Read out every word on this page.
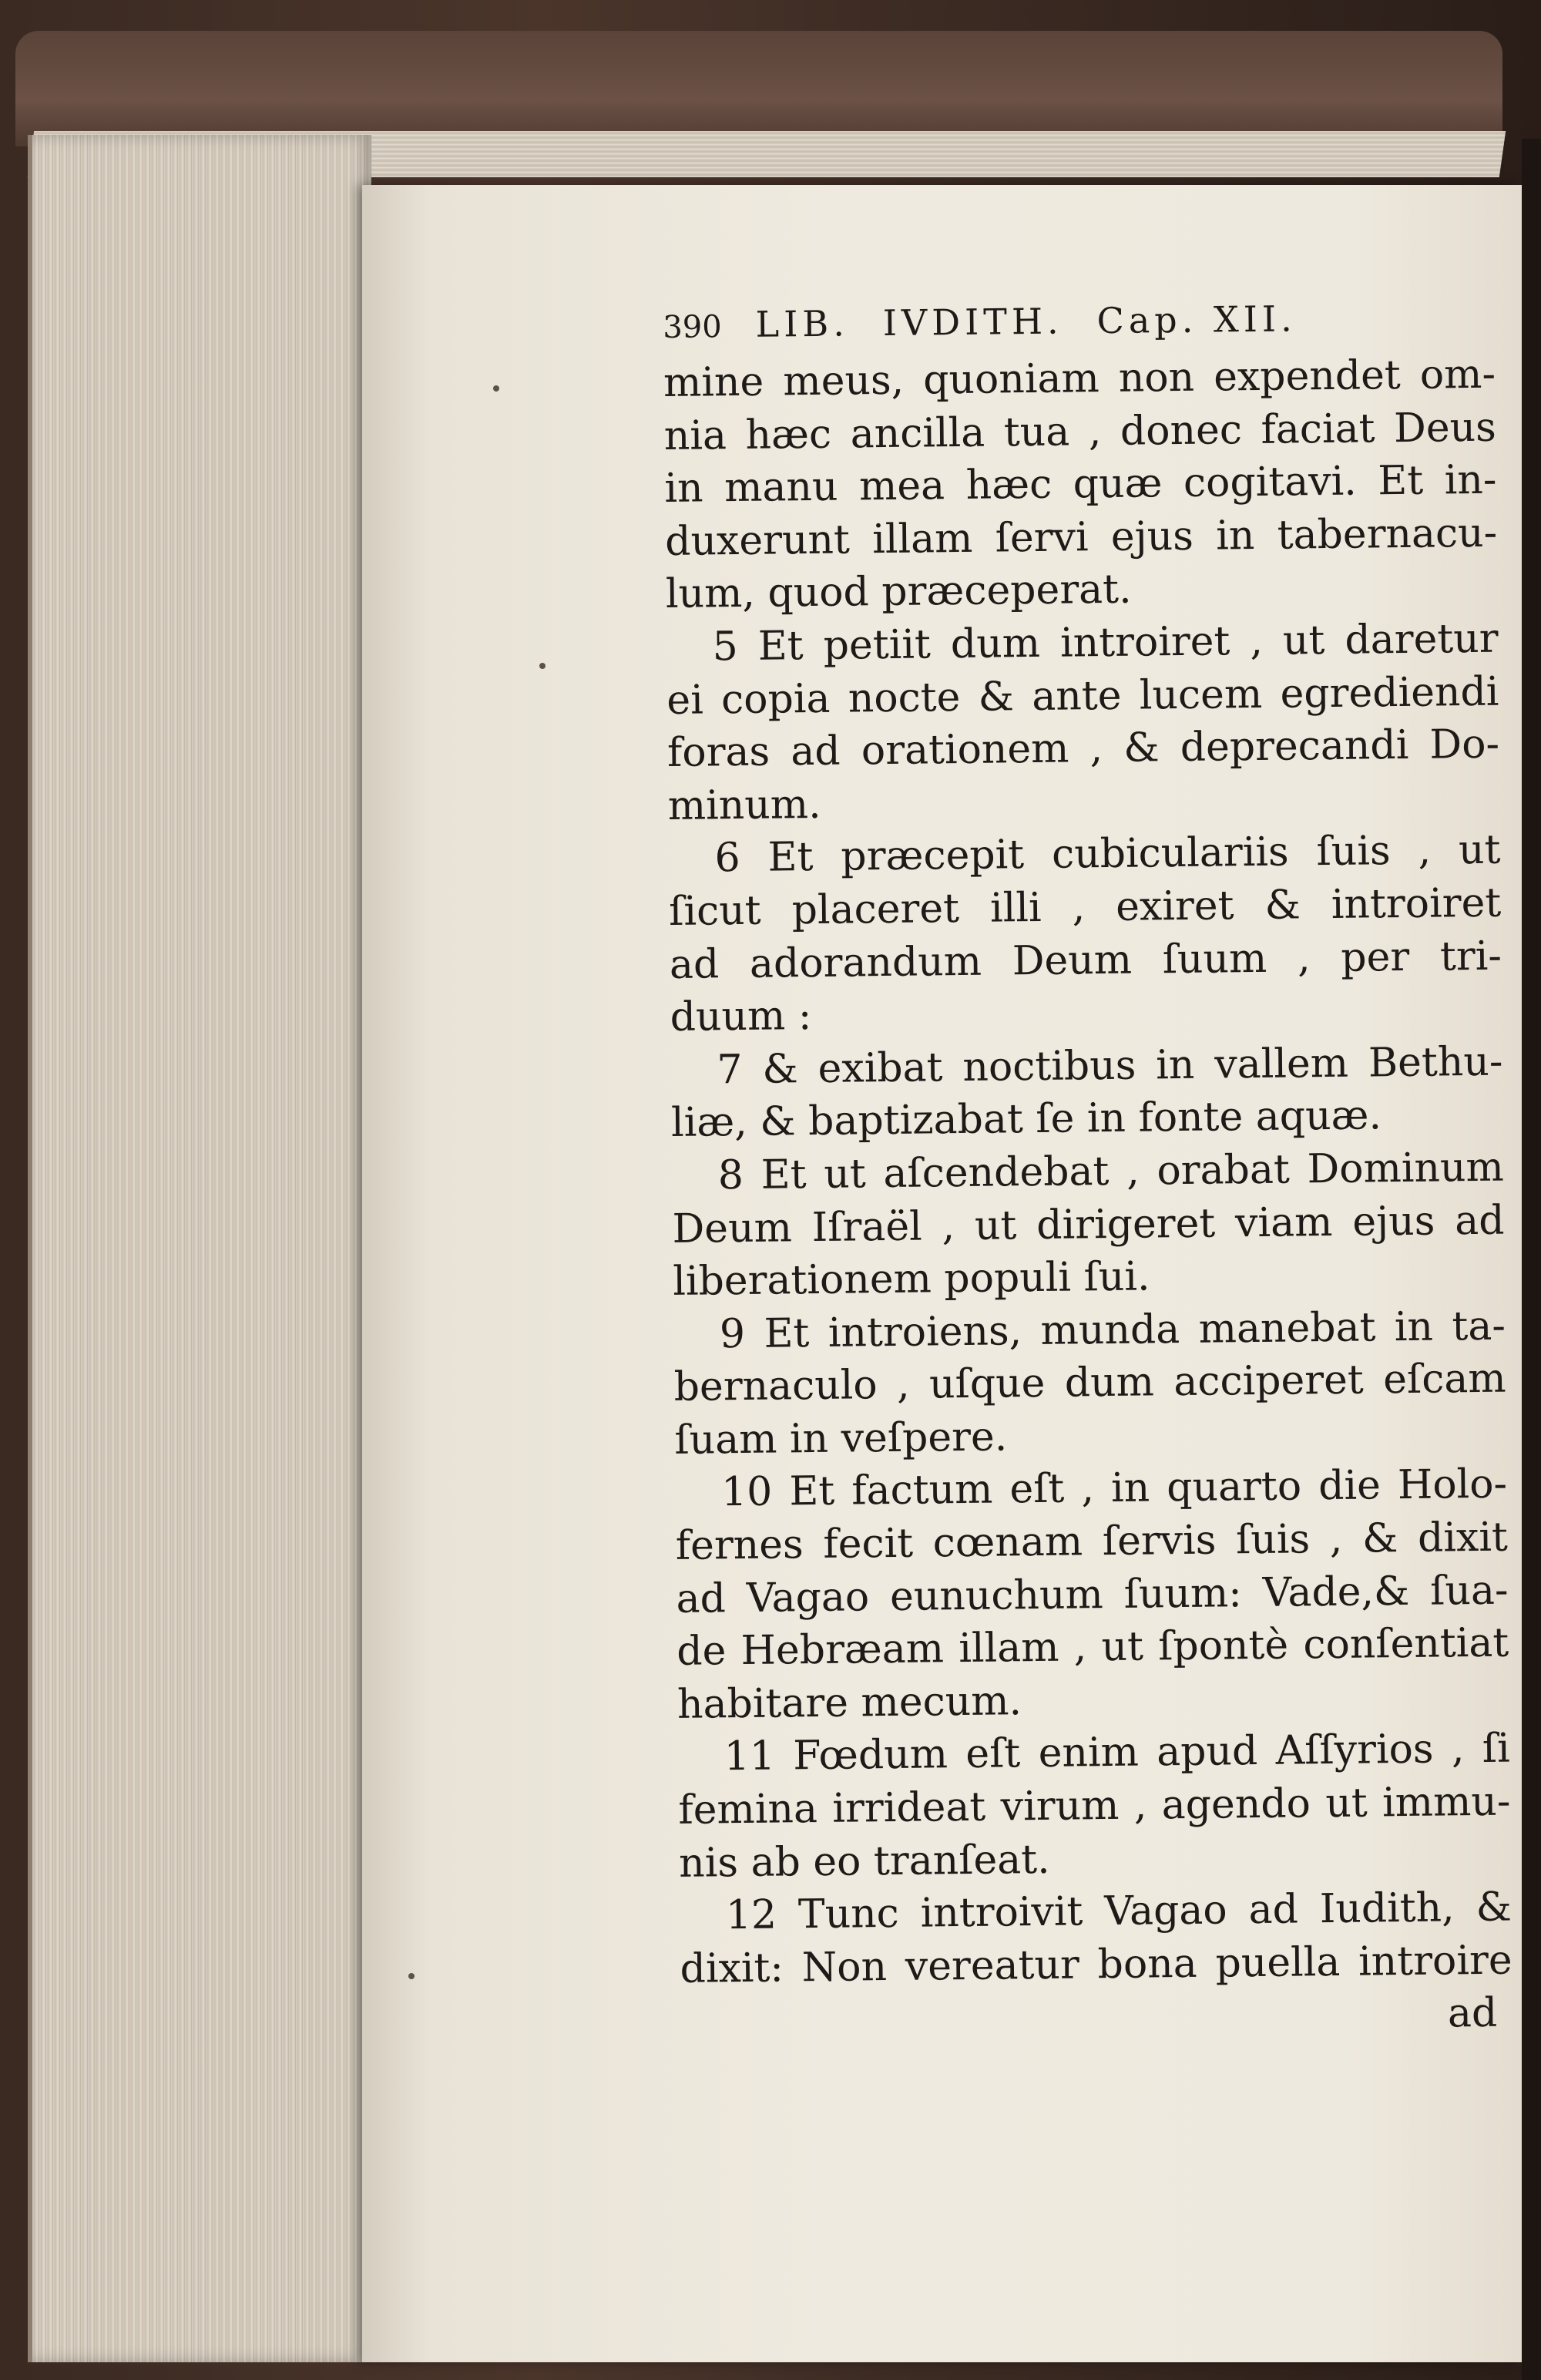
390 LIB. IVDITH. Cap. XII.
mine meus, quoniam non expendet om-
nia hæc ancilla tua , donec faciat Deus
in manu mea hæc quæ cogitavi. Et in-
duxerunt illam ſervi ejus in tabernacu-
lum, quod præceperat.
5 Et petiit dum introiret , ut daretur
ei copia nocte & ante lucem egrediendi
foras ad orationem , & deprecandi Do-
minum.
6 Et præcepit cubiculariis ſuis , ut
ſicut placeret illi , exiret & introiret
ad adorandum Deum ſuum , per tri-
duum :
7 & exibat noctibus in vallem Bethu-
liæ, & baptizabat ſe in fonte aquæ.
8 Et ut aſcendebat , orabat Dominum
Deum Iſraël , ut dirigeret viam ejus ad
liberationem populi ſui.
9 Et introiens, munda manebat in ta-
bernaculo , uſque dum acciperet eſcam
ſuam in veſpere.
10 Et factum eſt , in quarto die Holo-
fernes fecit cœnam ſervis ſuis , & dixit
ad Vagao eunuchum ſuum: Vade,& ſua-
de Hebræam illam , ut ſpontè conſentiat
habitare mecum.
11 Fœdum eſt enim apud Aſſyrios , ſi
femina irrideat virum , agendo ut immu-
nis ab eo tranſeat.
12 Tunc introivit Vagao ad Iudith, &
dixit: Non vereatur bona puella introire
ad
